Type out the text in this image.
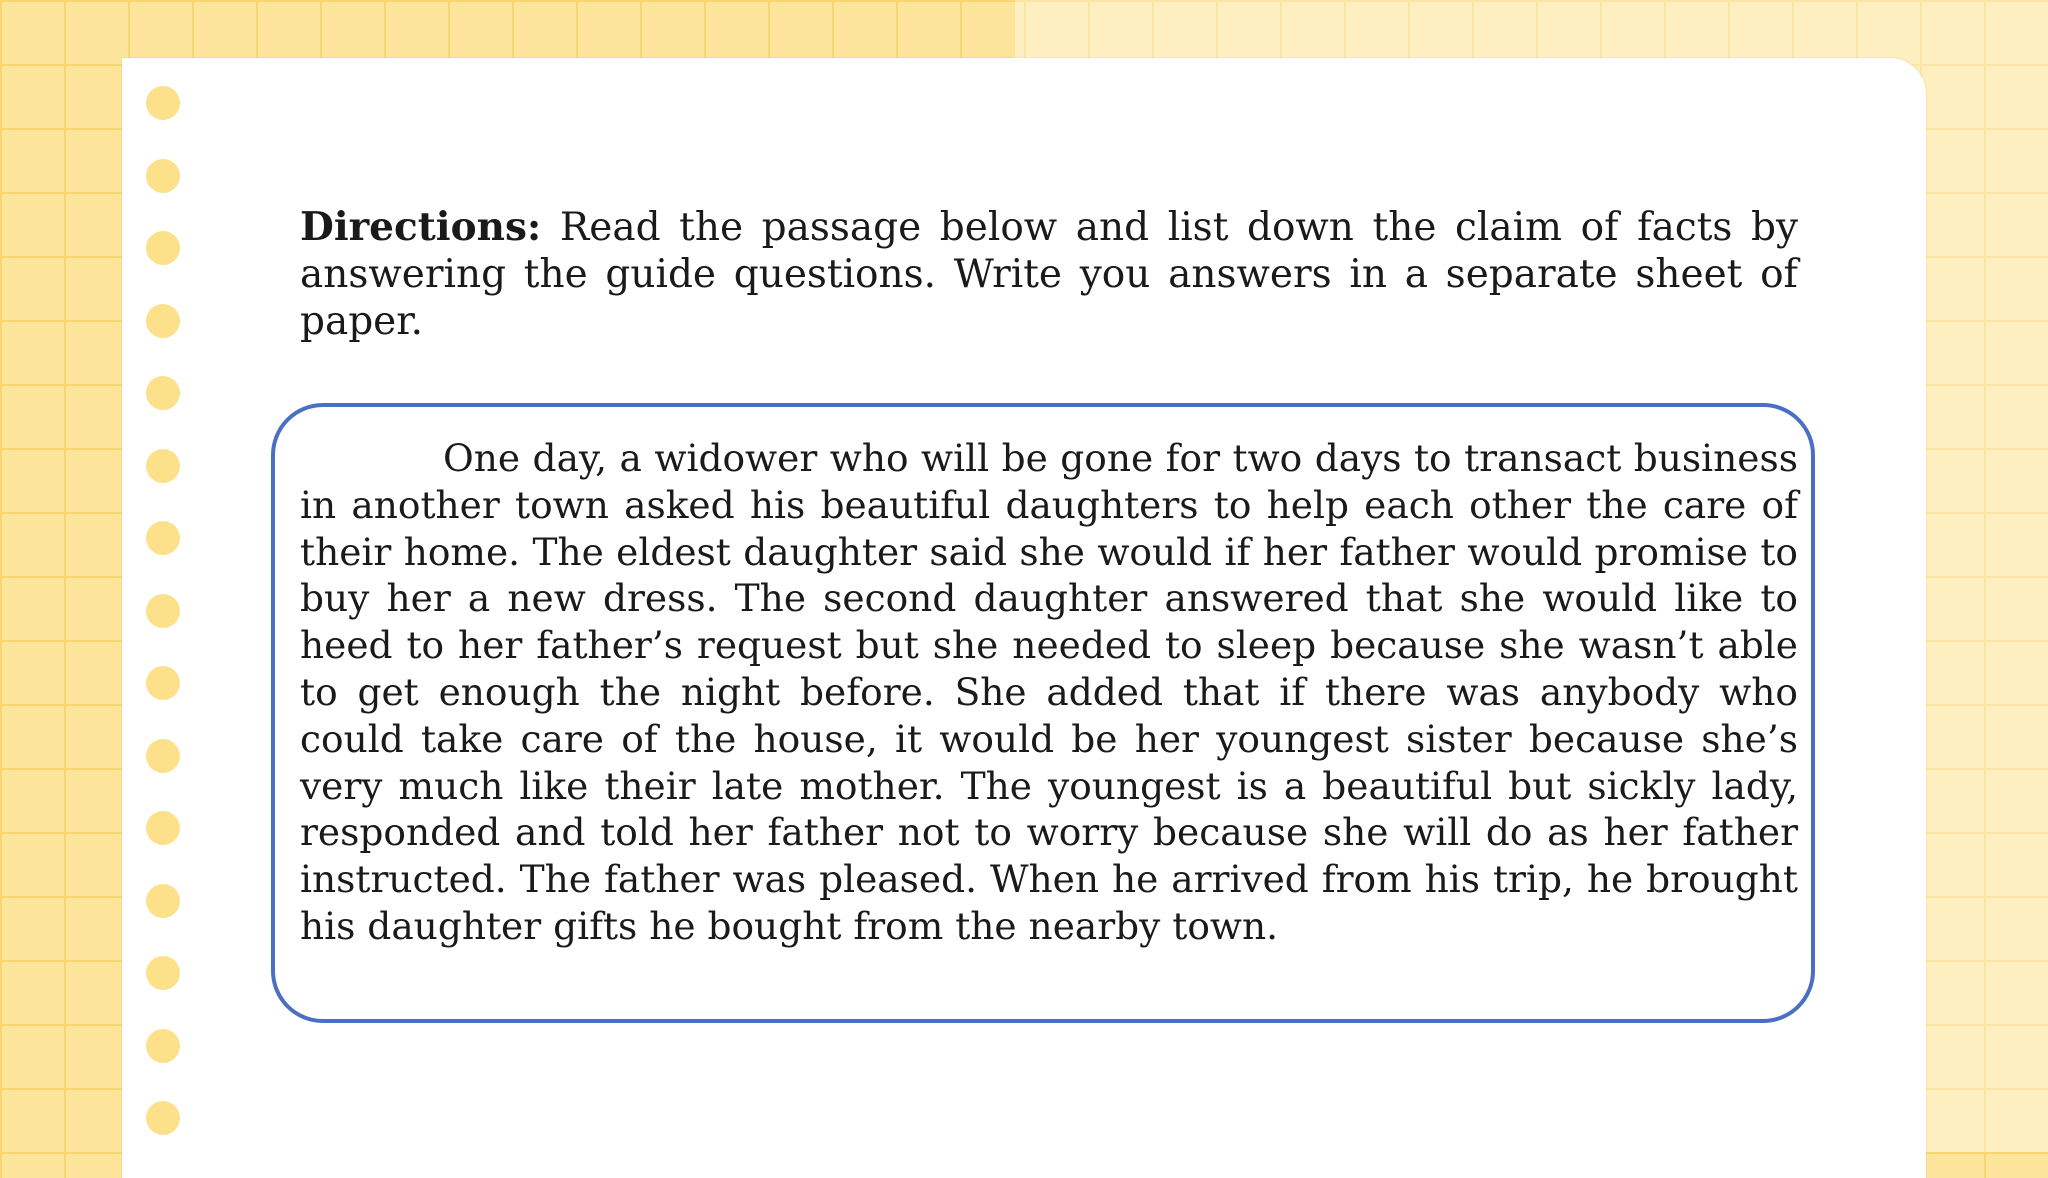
Directions: Read the passage below and list down the claim of facts by answering the guide questions. Write you answers in a separate sheet of paper.

One day, a widower who will be gone for two days to transact business in another town asked his beautiful daughters to help each other the care of their home. The eldest daughter said she would if her father would promise to buy her a new dress. The second daughter answered that she would like to heed to her father’s request but she needed to sleep because she wasn’t able to get enough the night before. She added that if there was anybody who could take care of the house, it would be her youngest sister because she’s very much like their late mother. The youngest is a beautiful but sickly lady, responded and told her father not to worry because she will do as her father instructed. The father was pleased. When he arrived from his trip, he brought his daughter gifts he bought from the nearby town.
